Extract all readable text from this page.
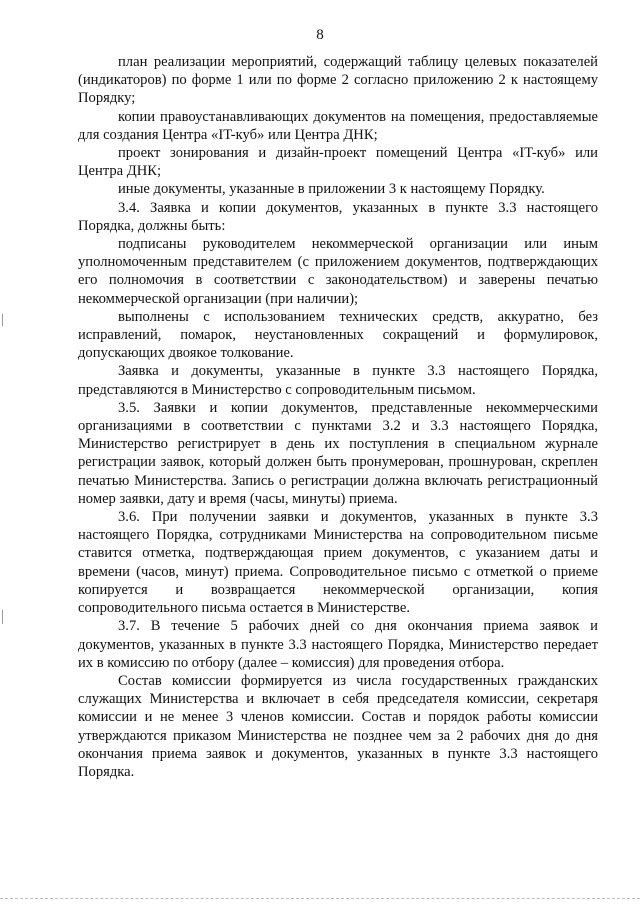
8

план реализации мероприятий, содержащий таблицу целевых показателей (индикаторов) по форме 1 или по форме 2 согласно приложению 2 к настоящему Порядку;

копии правоустанавливающих документов на помещения, предоставляемые для создания Центра «IT-куб» или Центра ДНК;

проект зонирования и дизайн-проект помещений Центра «IT-куб» или Центра ДНК;

иные документы, указанные в приложении 3 к настоящему Порядку.

3.4. Заявка и копии документов, указанных в пункте 3.3 настоящего Порядка, должны быть:

подписаны руководителем некоммерческой организации или иным уполномоченным представителем (с приложением документов, подтверждающих его полномочия в соответствии с законодательством) и заверены печатью некоммерческой организации (при наличии);

выполнены с использованием технических средств, аккуратно, без исправлений, помарок, неустановленных сокращений и формулировок, допускающих двоякое толкование.

Заявка и документы, указанные в пункте 3.3 настоящего Порядка, представляются в Министерство с сопроводительным письмом.

3.5. Заявки и копии документов, представленные некоммерческими организациями в соответствии с пунктами 3.2 и 3.3 настоящего Порядка, Министерство регистрирует в день их поступления в специальном журнале регистрации заявок, который должен быть пронумерован, прошнурован, скреплен печатью Министерства. Запись о регистрации должна включать регистрационный номер заявки, дату и время (часы, минуты) приема.

3.6. При получении заявки и документов, указанных в пункте 3.3 настоящего Порядка, сотрудниками Министерства на сопроводительном письме ставится отметка, подтверждающая прием документов, с указанием даты и времени (часов, минут) приема. Сопроводительное письмо с отметкой о приеме копируется и возвращается некоммерческой организации, копия сопроводительного письма остается в Министерстве.

3.7. В течение 5 рабочих дней со дня окончания приема заявок и документов, указанных в пункте 3.3 настоящего Порядка, Министерство передает их в комиссию по отбору (далее – комиссия) для проведения отбора.

Состав комиссии формируется из числа государственных гражданских служащих Министерства и включает в себя председателя комиссии, секретаря комиссии и не менее 3 членов комиссии. Состав и порядок работы комиссии утверждаются приказом Министерства не позднее чем за 2 рабочих дня до дня окончания приема заявок и документов, указанных в пункте 3.3 настоящего Порядка.
